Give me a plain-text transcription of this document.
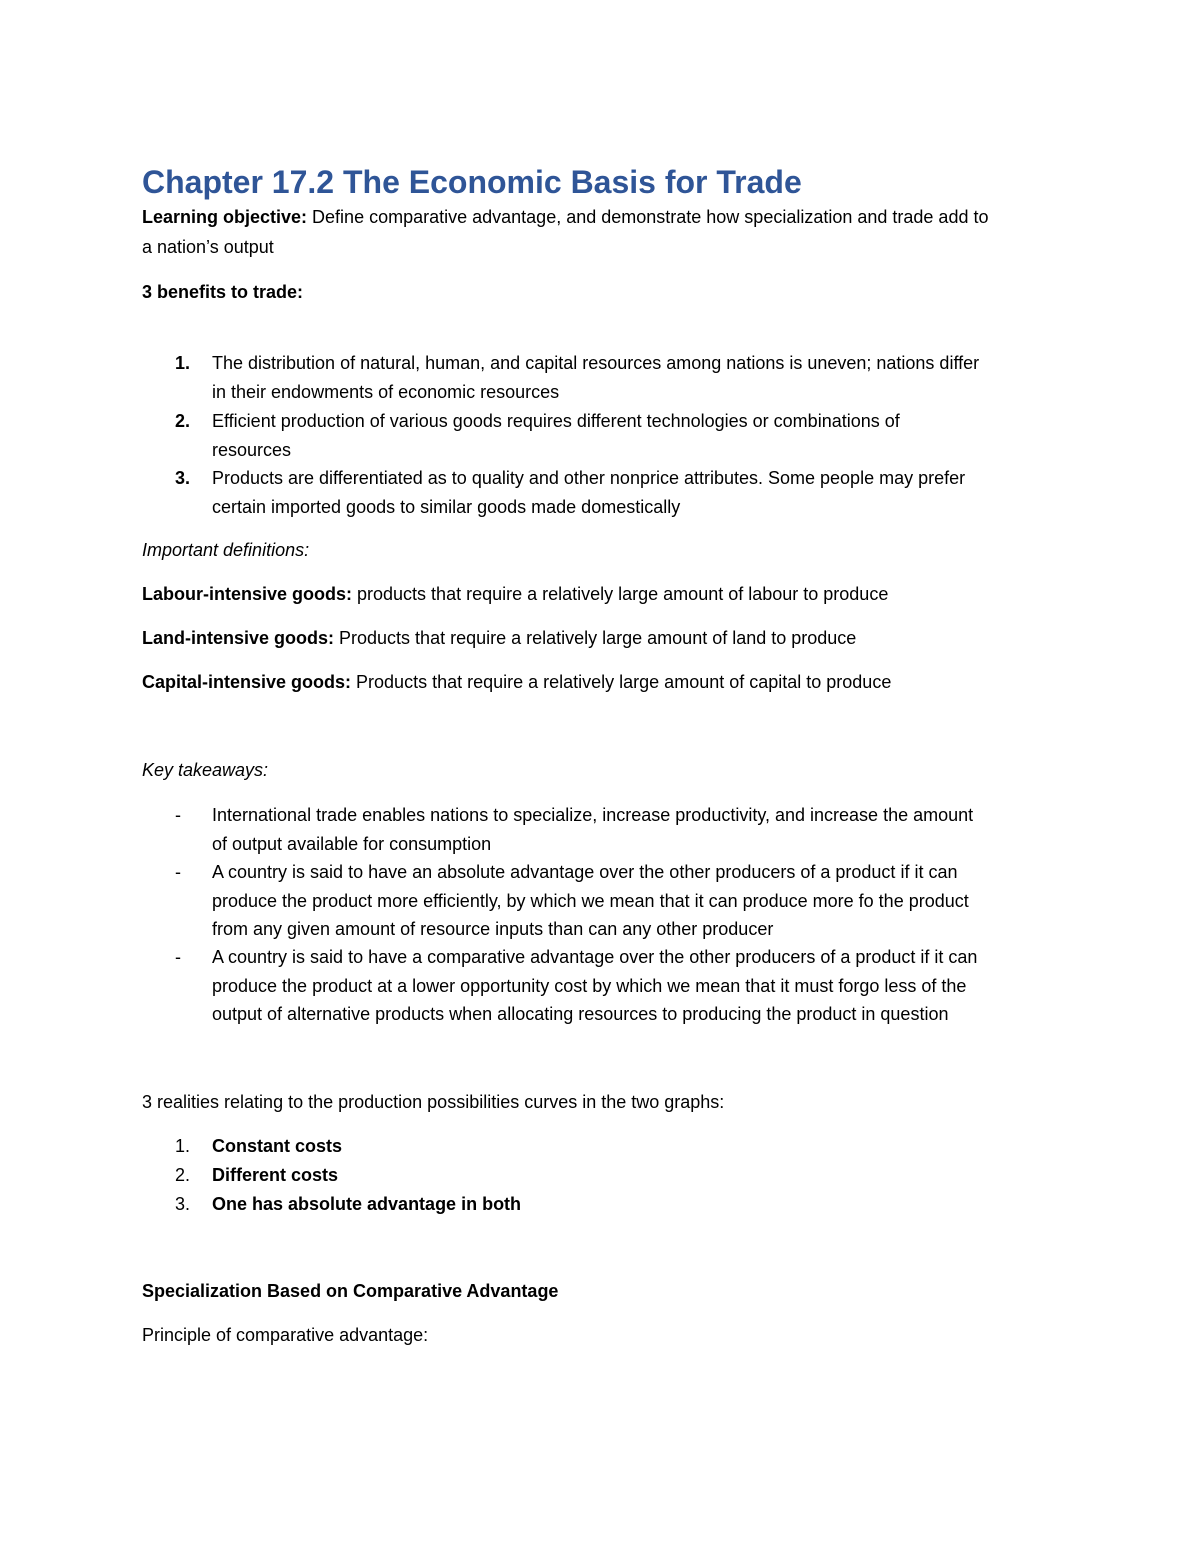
Chapter 17.2 The Economic Basis for Trade
Learning objective: Define comparative advantage, and demonstrate how specialization and trade add to
a nation’s output
3 benefits to trade:
1.	The distribution of natural, human, and capital resources among nations is uneven; nations differ
in their endowments of economic resources
2.	Efficient production of various goods requires different technologies or combinations of
resources
3.	Products are differentiated as to quality and other nonprice attributes. Some people may prefer
certain imported goods to similar goods made domestically
Important definitions:
Labour-intensive goods: products that require a relatively large amount of labour to produce
Land-intensive goods: Products that require a relatively large amount of land to produce
Capital-intensive goods: Products that require a relatively large amount of capital to produce
Key takeaways:
-	International trade enables nations to specialize, increase productivity, and increase the amount
of output available for consumption
-	A country is said to have an absolute advantage over the other producers of a product if it can
produce the product more efficiently, by which we mean that it can produce more fo the product
from any given amount of resource inputs than can any other producer
-	A country is said to have a comparative advantage over the other producers of a product if it can
produce the product at a lower opportunity cost by which we mean that it must forgo less of the
output of alternative products when allocating resources to producing the product in question
3 realities relating to the production possibilities curves in the two graphs:
1.	Constant costs
2.	Different costs
3.	One has absolute advantage in both
Specialization Based on Comparative Advantage
Principle of comparative advantage:
